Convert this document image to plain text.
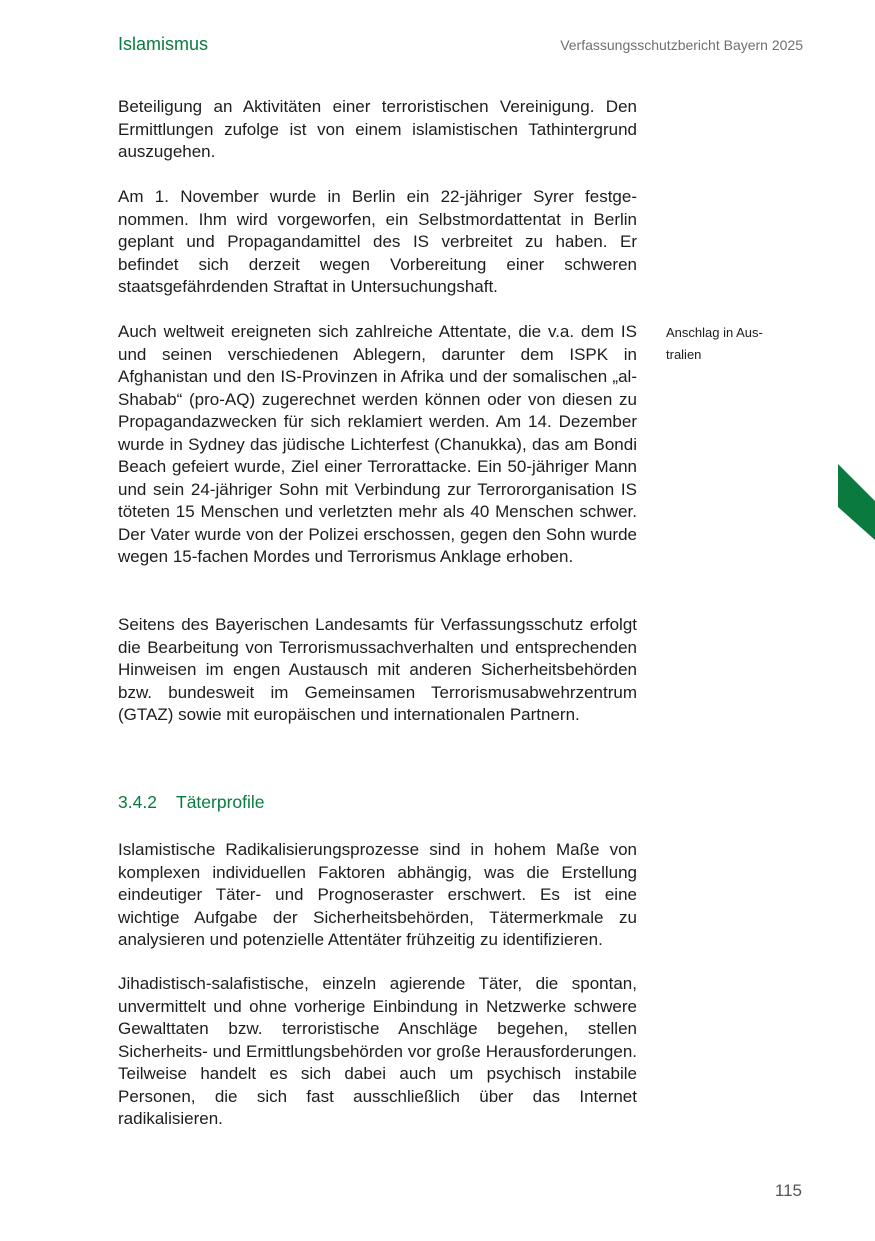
Islamismus	Verfassungsschutzbericht Bayern 2025

Beteiligung an Aktivitäten einer terroristischen Vereinigung. Den Ermittlungen zufolge ist von einem islamistischen Tathintergrund auszugehen.

Am 1. November wurde in Berlin ein 22-jähriger Syrer festgenommen. Ihm wird vorgeworfen, ein Selbstmordattentat in Berlin geplant und Propagandamittel des IS verbreitet zu haben. Er befindet sich derzeit wegen Vorbereitung einer schweren staatsgefährdenden Straftat in Untersuchungshaft.

Auch weltweit ereigneten sich zahlreiche Attentate, die v.a. dem IS und seinen verschiedenen Ablegern, darunter dem ISPK in Afghanistan und den IS-Provinzen in Afrika und der somalischen „al-Shabab“ (pro-AQ) zugerechnet werden können oder von diesen zu Propagandazwecken für sich reklamiert werden. Am 14. Dezember wurde in Sydney das jüdische Lichterfest (Chanukka), das am Bondi Beach gefeiert wurde, Ziel einer Terrorattacke. Ein 50-jähriger Mann und sein 24-jähriger Sohn mit Verbindung zur Terrororganisation IS töteten 15 Menschen und verletzten mehr als 40 Menschen schwer. Der Vater wurde von der Polizei erschossen, gegen den Sohn wurde wegen 15-fachen Mordes und Terrorismus Anklage erhoben.

Seitens des Bayerischen Landesamts für Verfassungsschutz erfolgt die Bearbeitung von Terrorismussachverhalten und entsprechenden Hinweisen im engen Austausch mit anderen Sicherheitsbehörden bzw. bundesweit im Gemeinsamen Terrorismusabwehrzentrum (GTAZ) sowie mit europäischen und internationalen Partnern.

3.4.2 Täterprofile

Islamistische Radikalisierungsprozesse sind in hohem Maße von komplexen individuellen Faktoren abhängig, was die Erstellung eindeutiger Täter- und Prognoseraster erschwert. Es ist eine wichtige Aufgabe der Sicherheitsbehörden, Tätermerkmale zu analysieren und potenzielle Attentäter frühzeitig zu identifizieren.

Jihadistisch-salafistische, einzeln agierende Täter, die spontan, unvermittelt und ohne vorherige Einbindung in Netzwerke schwere Gewalttaten bzw. terroristische Anschläge begehen, stellen Sicherheits- und Ermittlungsbehörden vor große Herausforderungen. Teilweise handelt es sich dabei auch um psychisch instabile Personen, die sich fast ausschließlich über das Internet radikalisieren.

Anschlag in Australien
115
